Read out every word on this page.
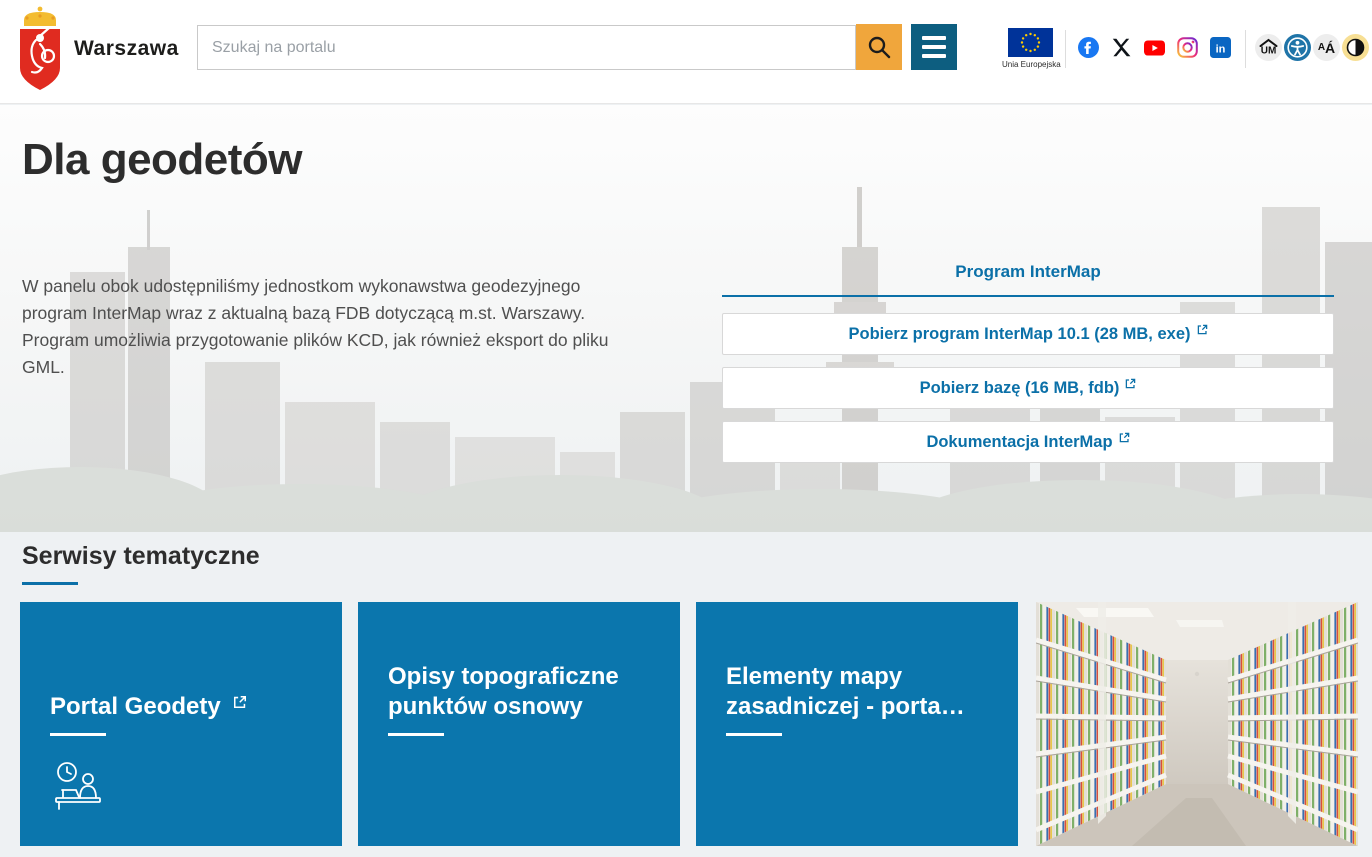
Warszawa
Szukaj na portalu
Unia Europejska
in	UM	A Á
Dla geodetów

W panelu obok udostępniliśmy jednostkom wykonawstwa geodezyjnego program InterMap wraz z aktualną bazą FDB dotyczącą m.st. Warszawy. Program umożliwia przygotowanie plików KCD, jak również eksport do pliku GML.

Program InterMap
Pobierz program InterMap 10.1 (28 MB, exe)
Pobierz bazę (16 MB, fdb)
Dokumentacja InterMap
Serwisy tematyczne
Portal Geodety
Opisy topograficzne punktów osnowy
Elementy mapy zasadniczej - porta…
